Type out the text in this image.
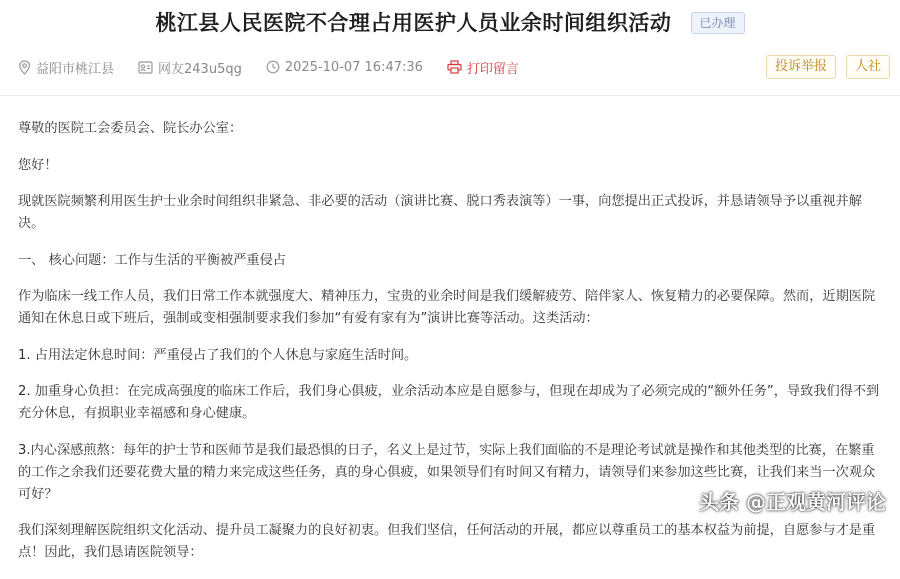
桃江县人民医院不合理占用医护人员业余时间组织活动 已办理
益阳市桃江县	网友243u5qg	2025-10-07 16:47:36	打印留言	投诉举报	人社

尊敬的医院工会委员会、院长办公室：

您好！

现就医院频繁利用医生护士业余时间组织非紧急、非必要的活动（演讲比赛、脱口秀表演等）一事，向您提出正式投诉，并恳请领导予以重视并解决。

一、 核心问题：工作与生活的平衡被严重侵占

作为临床一线工作人员，我们日常工作本就强度大、精神压力，宝贵的业余时间是我们缓解疲劳、陪伴家人、恢复精力的必要保障。然而，近期医院通知在休息日或下班后，强制或变相强制要求我们参加“有爱有家有为”演讲比赛等活动。这类活动：

1. 占用法定休息时间：严重侵占了我们的个人休息与家庭生活时间。

2. 加重身心负担：在完成高强度的临床工作后，我们身心俱疲，业余活动本应是自愿参与，但现在却成为了必须完成的“额外任务”，导致我们得不到充分休息，有损职业幸福感和身心健康。

3.内心深感煎熬：每年的护士节和医师节是我们最恐惧的日子，名义上是过节，实际上我们面临的不是理论考试就是操作和其他类型的比赛，在繁重的工作之余我们还要花费大量的精力来完成这些任务，真的身心俱疲，如果领导们有时间又有精力，请领导们来参加这些比赛，让我们来当一次观众可好？

我们深刻理解医院组织文化活动、提升员工凝聚力的良好初衷。但我们坚信，任何活动的开展，都应以尊重员工的基本权益为前提，自愿参与才是重点！因此，我们恳请医院领导：

头条 @正观黄河评论
